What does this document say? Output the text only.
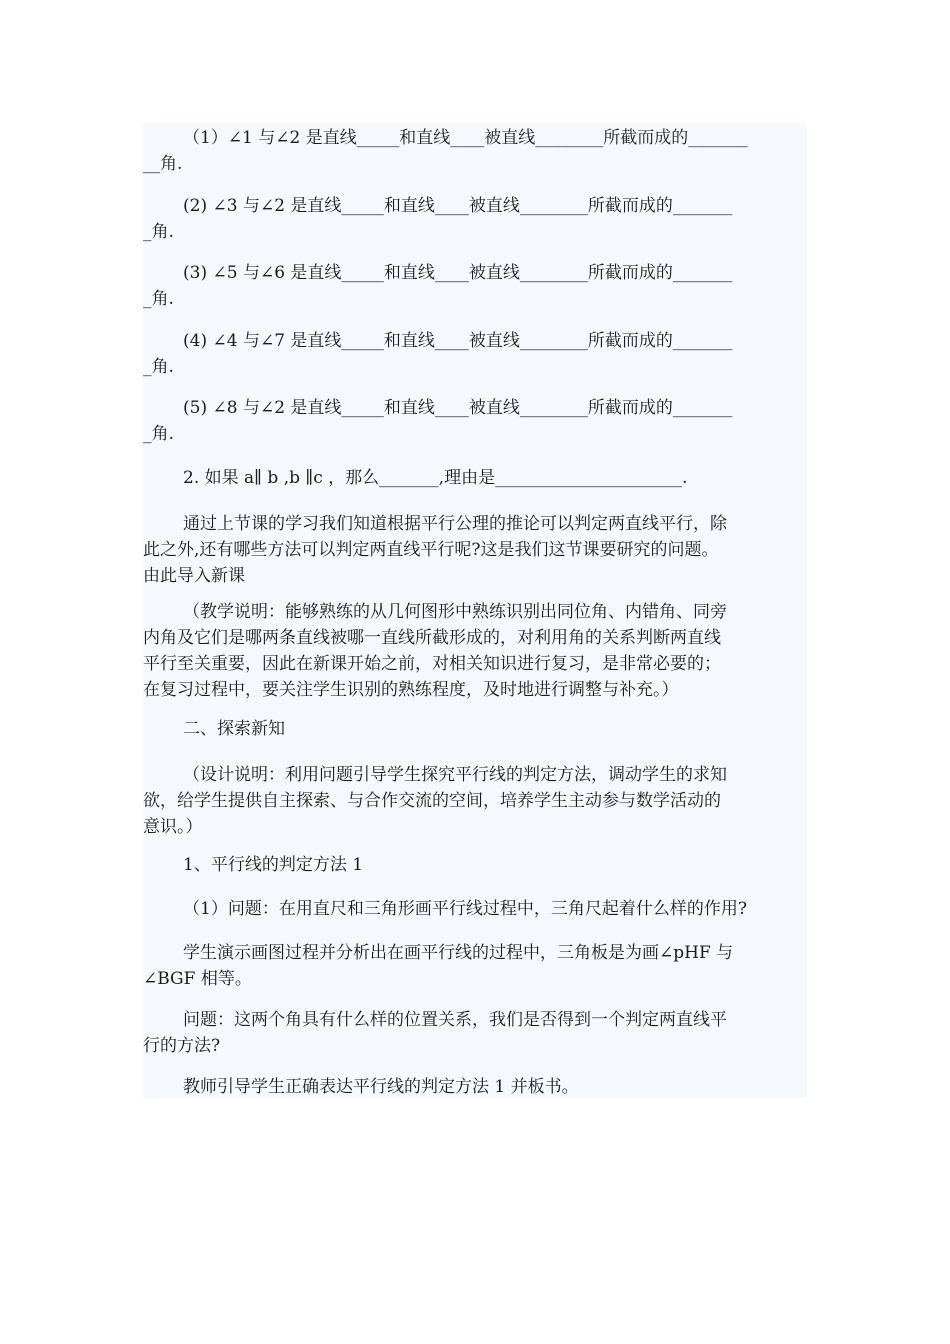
（1）∠1 与∠2 是直线_____和直线____被直线________所截而成的_______
__角.

(2) ∠3 与∠2 是直线_____和直线____被直线________所截而成的_______
_角.

(3) ∠5 与∠6 是直线_____和直线____被直线________所截而成的_______
_角.

(4) ∠4 与∠7 是直线_____和直线____被直线________所截而成的_______
_角.

(5) ∠8 与∠2 是直线_____和直线____被直线________所截而成的_______
_角.

2. 如果 a∥ b ,b ∥c ，那么_______,理由是______________________.

通过上节课的学习我们知道根据平行公理的推论可以判定两直线平行，除
此之外,还有哪些方法可以判定两直线平行呢?这是我们这节课要研究的问题。
由此导入新课

（教学说明：能够熟练的从几何图形中熟练识别出同位角、内错角、同旁
内角及它们是哪两条直线被哪一直线所截形成的，对利用角的关系判断两直线
平行至关重要，因此在新课开始之前，对相关知识进行复习，是非常必要的；
在复习过程中，要关注学生识别的熟练程度，及时地进行调整与补充。）

二、探索新知

（设计说明：利用问题引导学生探究平行线的判定方法，调动学生的求知
欲，给学生提供自主探索、与合作交流的空间，培养学生主动参与数学活动的
意识。）

1、平行线的判定方法 1

（1）问题：在用直尺和三角形画平行线过程中，三角尺起着什么样的作用?

学生演示画图过程并分析出在画平行线的过程中，三角板是为画∠pHF 与
∠BGF 相等。

问题：这两个角具有什么样的位置关系，我们是否得到一个判定两直线平
行的方法?

教师引导学生正确表达平行线的判定方法 1 并板书。
